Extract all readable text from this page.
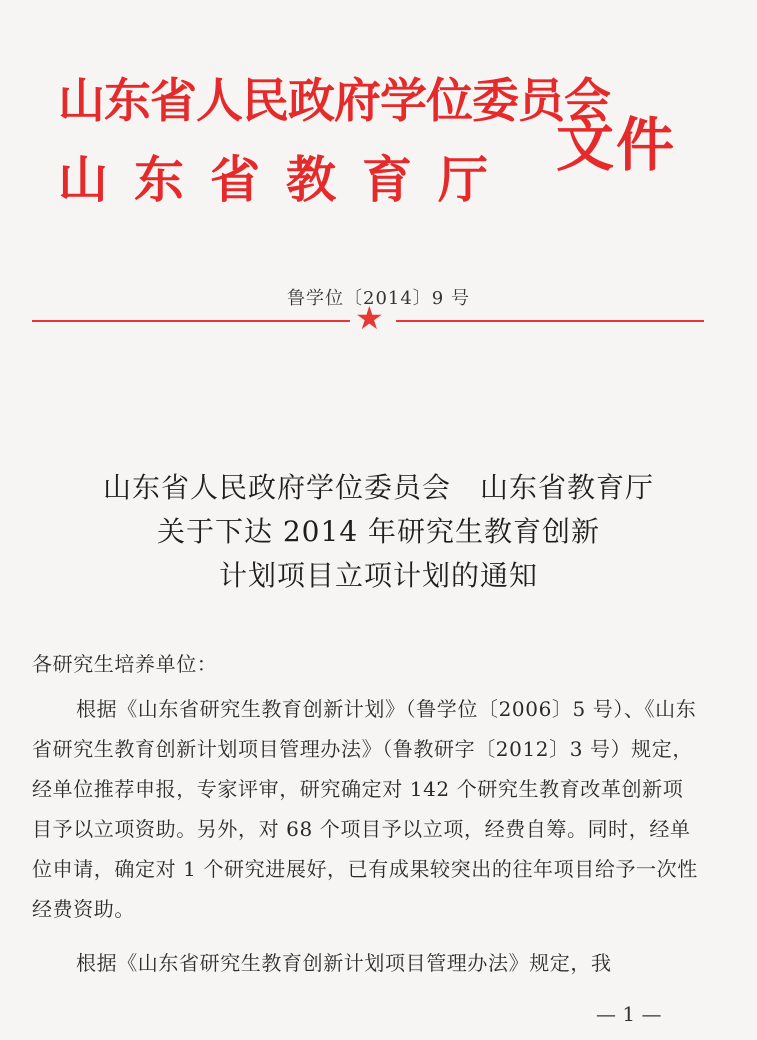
山东省人民政府学位委员会
山东省教育厅
文件
鲁学位〔2014〕9 号
★
山东省人民政府学位委员会　山东省教育厅
关于下达 2014 年研究生教育创新
计划项目立项计划的通知
各研究生培养单位：
根据《山东省研究生教育创新计划》（鲁学位〔2006〕5 号）、《山东省研究生教育创新计划项目管理办法》（鲁教研字〔2012〕3 号）规定，经单位推荐申报，专家评审，研究确定对 142 个研究生教育改革创新项目予以立项资助。另外，对 68 个项目予以立项，经费自筹。同时，经单位申请，确定对 1 个研究进展好，已有成果较突出的往年项目给予一次性经费资助。
根据《山东省研究生教育创新计划项目管理办法》规定，我
— 1 —
